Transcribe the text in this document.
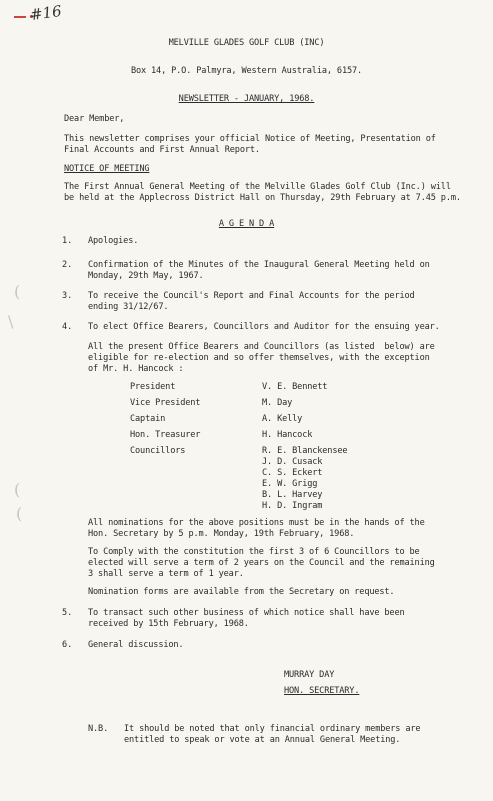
#16
(
\
(
(
MELVILLE GLADES GOLF CLUB (INC)
Box 14, P.O. Palmyra, Western Australia, 6157.
NEWSLETTER - JANUARY, 1968.
Dear Member,
This newsletter comprises your official Notice of Meeting, Presentation of
Final Accounts and First Annual Report.
NOTICE OF MEETING
The First Annual General Meeting of the Melville Glades Golf Club (Inc.) will
be held at the Applecross District Hall on Thursday, 29th February at 7.45 p.m.
A G E N D A
1. Apologies.
2. Confirmation of the Minutes of the Inaugural General Meeting held on
Monday, 29th May, 1967.
3. To receive the Council's Report and Final Accounts for the period
ending 31/12/67.
4. To elect Office Bearers, Councillors and Auditor for the ensuing year.
All the present Office Bearers and Councillors (as listed  below) are
eligible for re-election and so offer themselves, with the exception
of Mr. H. Hancock :
President	V. E. Bennett
Vice President	M. Day
Captain	A. Kelly
Hon. Treasurer	H. Hancock
Councillors	R. E. Blanckensee
J. D. Cusack
C. S. Eckert
E. W. Grigg
B. L. Harvey
H. D. Ingram
All nominations for the above positions must be in the hands of the
Hon. Secretary by 5 p.m. Monday, 19th February, 1968.
To Comply with the constitution the first 3 of 6 Councillors to be
elected will serve a term of 2 years on the Council and the remaining
3 shall serve a term of 1 year.
Nomination forms are available from the Secretary on request.
5. To transact such other business of which notice shall have been
received by 15th February, 1968.
6. General discussion.
MURRAY DAY
HON. SECRETARY.
N.B. It should be noted that only financial ordinary members are
entitled to speak or vote at an Annual General Meeting.
